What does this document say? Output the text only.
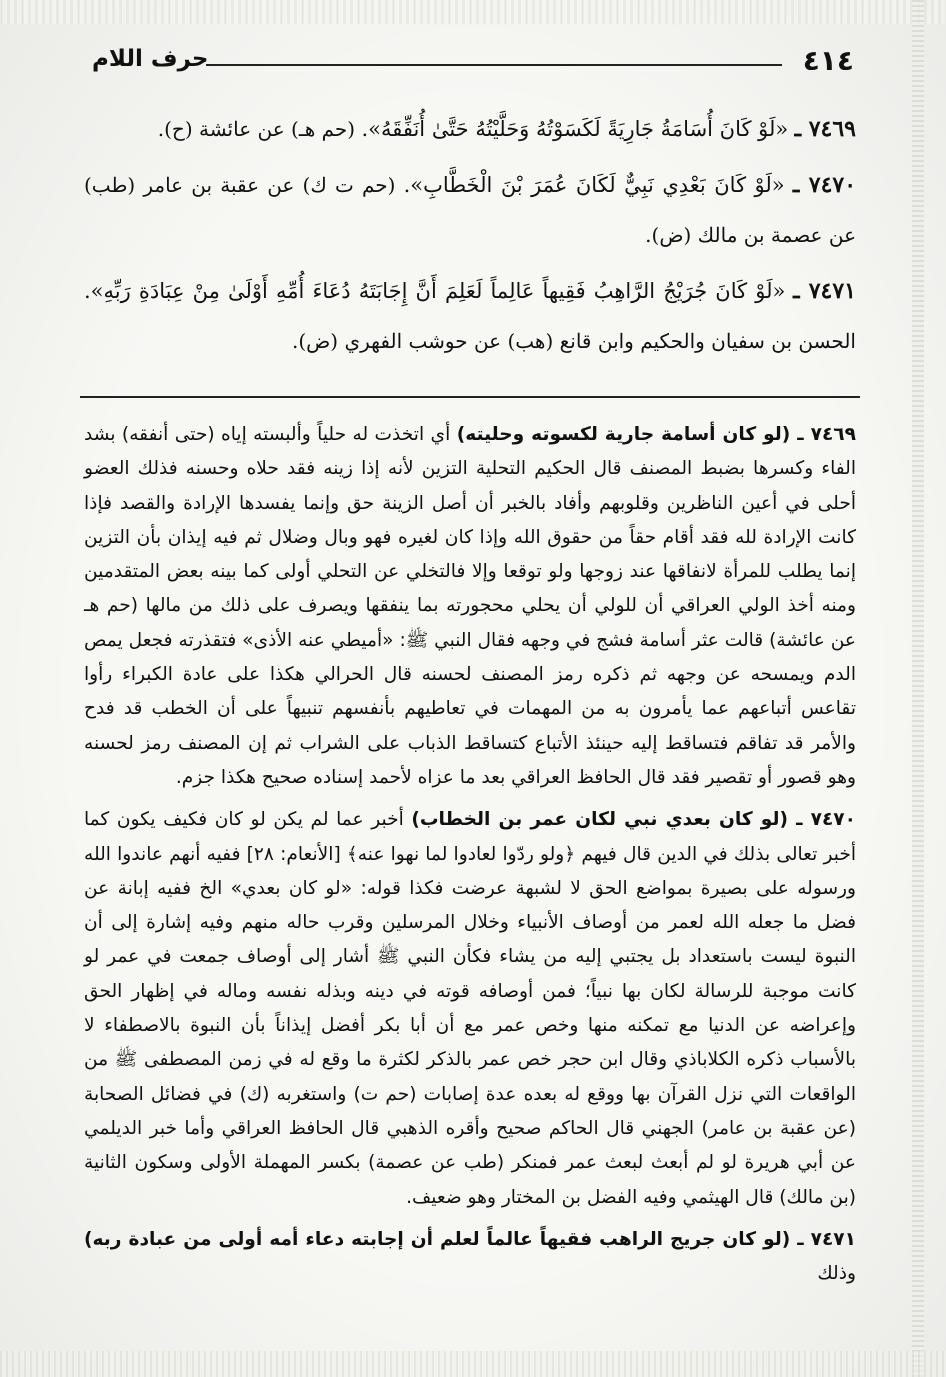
٤١٤
حرف اللام

٧٤٦٩ ـ «لَوْ كَانَ أُسَامَةُ جَارِيَةً لَكَسَوْتُهُ وَحَلَّيْتُهُ حَتَّىٰ أُنَفِّقَهُ». (حم هـ) عن عائشة (ح).

٧٤٧٠ ـ «لَوْ كَانَ بَعْدِي نَبِيٌّ لَكَانَ عُمَرَ بْنَ الْخَطَّابِ». (حم ت ك) عن عقبة بن عامر (طب) عن عصمة بن مالك (ض).

٧٤٧١ ـ «لَوْ كَانَ جُرَيْجُ الرَّاهِبُ فَقِيهاً عَالِماً لَعَلِمَ أَنَّ إِجَابَتَهُ دُعَاءَ أُمِّهِ أَوْلَىٰ مِنْ عِبَادَةِ رَبِّهِ». الحسن بن سفيان والحكيم وابن قانع (هب) عن حوشب الفهري (ض).

٧٤٦٩ ـ (لو كان أسامة جارية لكسوته وحليته) أي اتخذت له حلياً وألبسته إياه (حتى أنفقه) بشد الفاء وكسرها بضبط المصنف قال الحكيم التحلية التزين لأنه إذا زينه فقد حلاه وحسنه فذلك العضو أحلى في أعين الناظرين وقلوبهم وأفاد بالخبر أن أصل الزينة حق وإنما يفسدها الإرادة والقصد فإذا كانت الإرادة لله فقد أقام حقاً من حقوق الله وإذا كان لغيره فهو وبال وضلال ثم فيه إيذان بأن التزين إنما يطلب للمرأة لانفاقها عند زوجها ولو توقعا وإلا فالتخلي عن التحلي أولى كما بينه بعض المتقدمين ومنه أخذ الولي العراقي أن للولي أن يحلي محجورته بما ينفقها ويصرف على ذلك من مالها (حم هـ عن عائشة) قالت عثر أسامة فشج في وجهه فقال النبي ﷺ: «أميطي عنه الأذى» فتقذرته فجعل يمص الدم ويمسحه عن وجهه ثم ذكره رمز المصنف لحسنه قال الحرالي هكذا على عادة الكبراء رأوا تقاعس أتباعهم عما يأمرون به من المهمات في تعاطيهم بأنفسهم تنبيهاً على أن الخطب قد فدح والأمر قد تفاقم فتساقط إليه حينئذ الأتباع كتساقط الذباب على الشراب ثم إن المصنف رمز لحسنه وهو قصور أو تقصير فقد قال الحافظ العراقي بعد ما عزاه لأحمد إسناده صحيح هكذا جزم.

٧٤٧٠ ـ (لو كان بعدي نبي لكان عمر بن الخطاب) أخبر عما لم يكن لو كان فكيف يكون كما أخبر تعالى بذلك في الدين قال فيهم ﴿ولو ردّوا لعادوا لما نهوا عنه﴾ [الأنعام: ٢٨] ففيه أنهم عاندوا الله ورسوله على بصيرة بمواضع الحق لا لشبهة عرضت فكذا قوله: «لو كان بعدي» الخ ففيه إبانة عن فضل ما جعله الله لعمر من أوصاف الأنبياء وخلال المرسلين وقرب حاله منهم وفيه إشارة إلى أن النبوة ليست باستعداد بل يجتبي إليه من يشاء فكأن النبي ﷺ أشار إلى أوصاف جمعت في عمر لو كانت موجبة للرسالة لكان بها نبياً؛ فمن أوصافه قوته في دينه وبذله نفسه وماله في إظهار الحق وإعراضه عن الدنيا مع تمكنه منها وخص عمر مع أن أبا بكر أفضل إيذاناً بأن النبوة بالاصطفاء لا بالأسباب ذكره الكلاباذي وقال ابن حجر خص عمر بالذكر لكثرة ما وقع له في زمن المصطفى ﷺ من الواقعات التي نزل القرآن بها ووقع له بعده عدة إصابات (حم ت) واستغربه (ك) في فضائل الصحابة (عن عقبة بن عامر) الجهني قال الحاكم صحيح وأقره الذهبي قال الحافظ العراقي وأما خبر الديلمي عن أبي هريرة لو لم أبعث لبعث عمر فمنكر (طب عن عصمة) بكسر المهملة الأولى وسكون الثانية (بن مالك) قال الهيثمي وفيه الفضل بن المختار وهو ضعيف.

٧٤٧١ ـ (لو كان جريج الراهب فقيهاً عالماً لعلم أن إجابته دعاء أمه أولى من عبادة ربه) وذلك
